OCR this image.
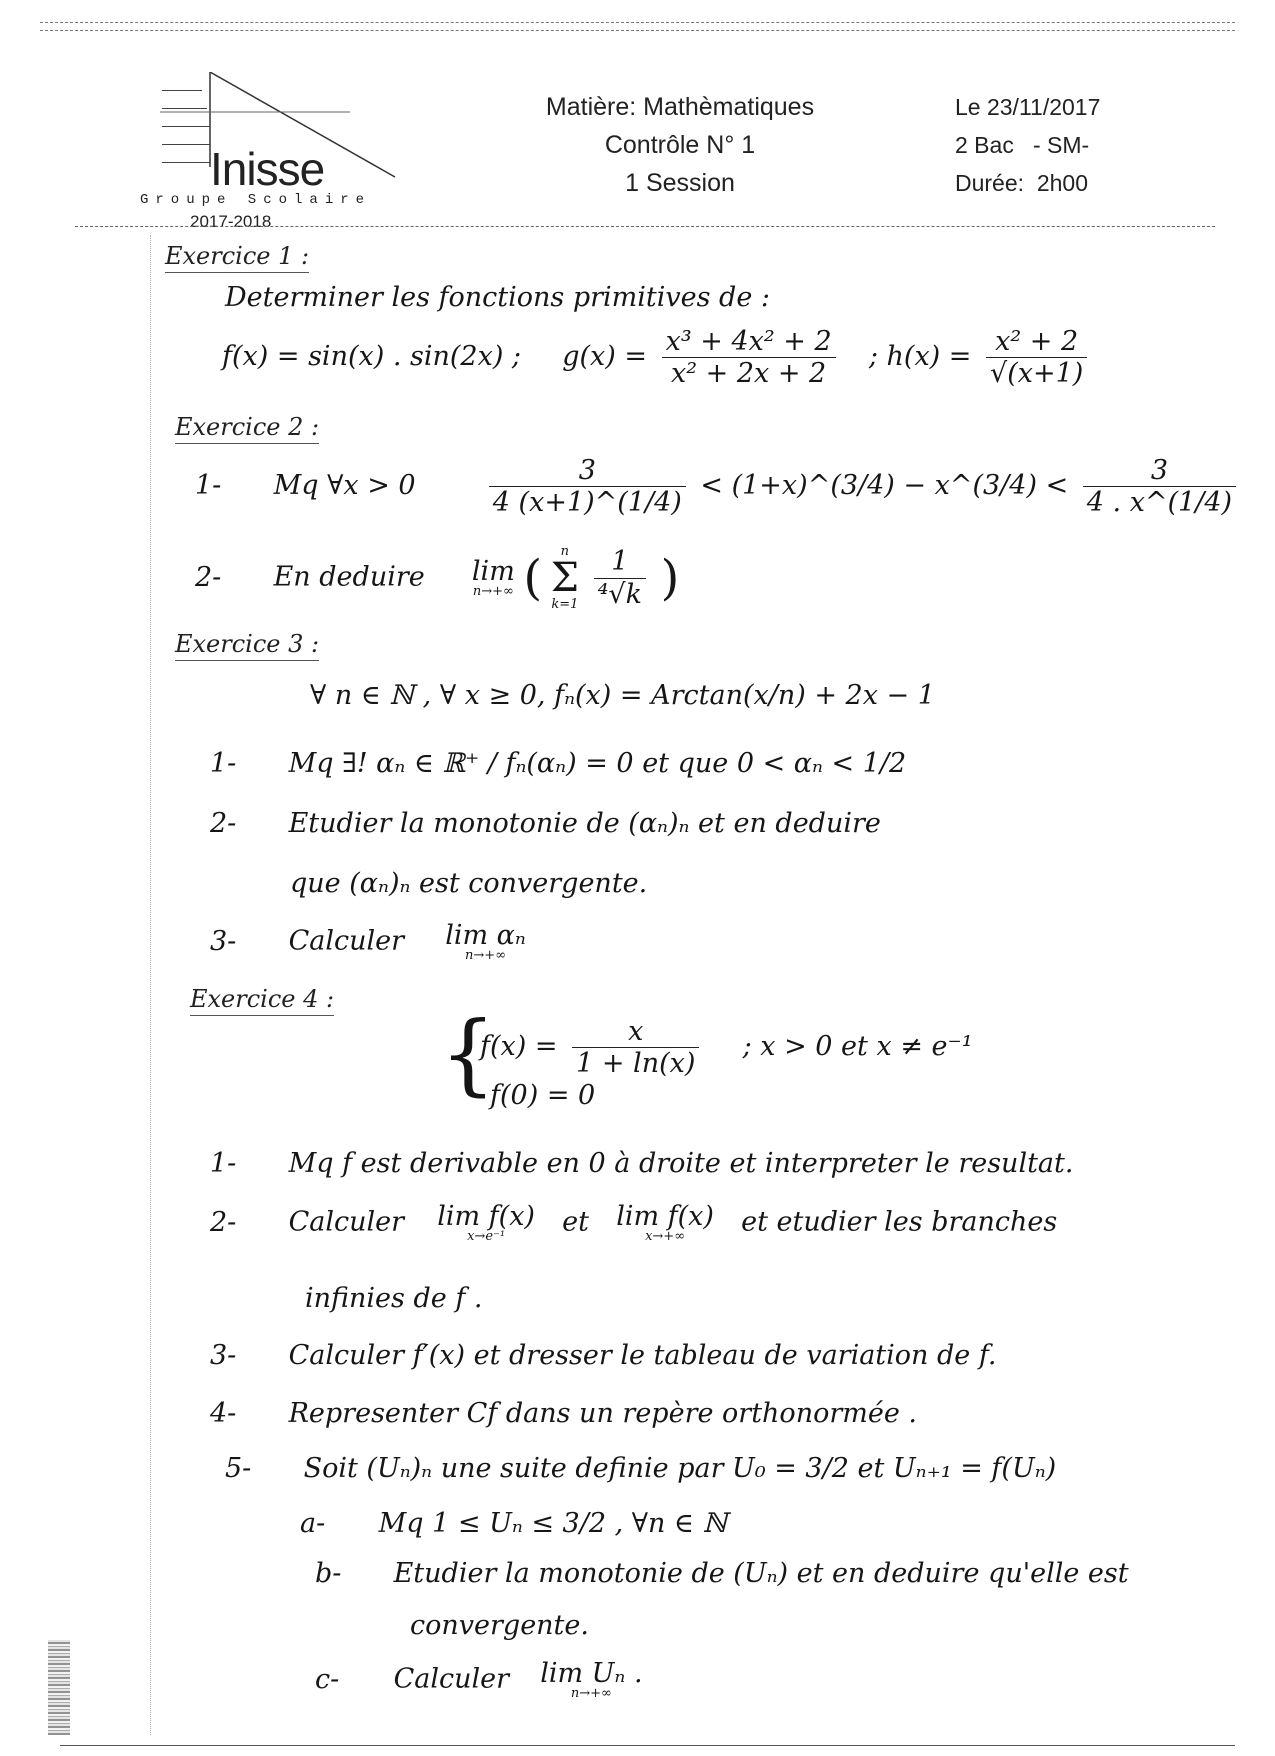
Inisse
Groupe Scolaire
2017-2018
Matière: Mathèmatiques
Contrôle N° 1
1 Session
Le 23/11/2017
2 Bac   - SM-
Durée:  2h00
Exercice 1 :
Determiner les fonctions primitives de :
f(x) = sin(x) . sin(2x) ; $g(x) = \frac{\text{x³ + 4x² + 2}}{\text{x² + 2x + 2}}$ ; $h(x) = \frac{\text{x² + 2}}{√(x+1)}$
Exercice 2 :
1- Mq ∀x > 0	$\frac{3}{4 (x+1)\^{}(1/4)}$ < (1+x)^(3/4) − x^(3/4) < $\frac{3}{4 . x\^{}(1/4)}$
2- En deduire lim
n→+∞ (	n
Σ
k=1
$\frac{1}{\text{⁴√k}}$ )
Exercice 3 :
∀ n ∈ ℕ , ∀ x ≥ 0, fₙ(x) = Arctan(x/n) + 2x − 1
1- Mq ∃! αₙ ∈ ℝ⁺ / fₙ(αₙ) = 0 et que 0 < αₙ < 1/2
2- Etudier la monotonie de (αₙ)ₙ et en deduire
que (αₙ)ₙ est convergente.
3- Calculer lim αₙ
n→+∞
Exercice 4 :
{
$f(x) = \frac{x}{1 + \ln(x)}$ ; x > 0 et x ≠ e⁻¹
f(0) = 0
1- Mq f est derivable en 0 à droite et interpreter le resultat.
2- Calculer lim f(x)
x→e⁻¹	et lim f(x)
x→+∞	et etudier les branches
infinies de f .
3- Calculer f′(x) et dresser le tableau de variation de f.
4- Representer Cf dans un repère orthonormée .
5- Soit (Uₙ)ₙ une suite definie par U₀ = 3/2 et Uₙ₊₁ = f(Uₙ)
a- Mq 1 ≤ Uₙ ≤ 3/2 , ∀n ∈ ℕ
b- Etudier la monotonie de (Uₙ) et en deduire qu'elle est
convergente.
c- Calculer lim Uₙ .
n→+∞
